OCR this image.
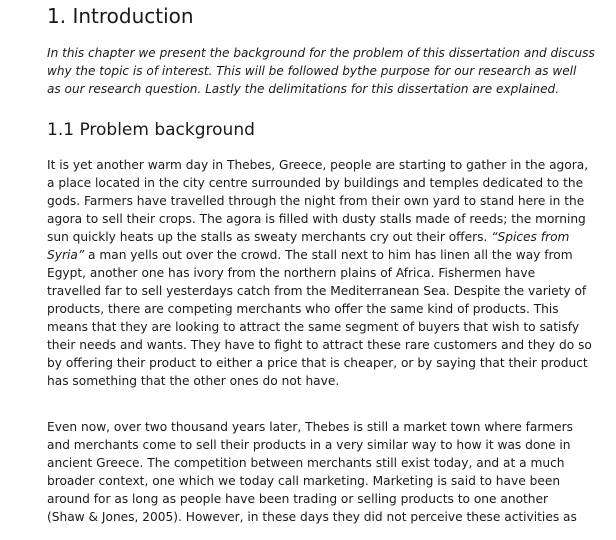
1. Introduction

In this chapter we present the background for the problem of this dissertation and discuss
why the topic is of interest. This will be followed bythe purpose for our research as well
as our research question. Lastly the delimitations for this dissertation are explained.

1.1 Problem background

It is yet another warm day in Thebes, Greece, people are starting to gather in the agora,
a place located in the city centre surrounded by buildings and temples dedicated to the
gods. Farmers have travelled through the night from their own yard to stand here in the
agora to sell their crops. The agora is filled with dusty stalls made of reeds; the morning
sun quickly heats up the stalls as sweaty merchants cry out their offers. “Spices from
Syria” a man yells out over the crowd. The stall next to him has linen all the way from
Egypt, another one has ivory from the northern plains of Africa. Fishermen have
travelled far to sell yesterdays catch from the Mediterranean Sea. Despite the variety of
products, there are competing merchants who offer the same kind of products. This
means that they are looking to attract the same segment of buyers that wish to satisfy
their needs and wants. They have to fight to attract these rare customers and they do so
by offering their product to either a price that is cheaper, or by saying that their product
has something that the other ones do not have.

Even now, over two thousand years later, Thebes is still a market town where farmers
and merchants come to sell their products in a very similar way to how it was done in
ancient Greece. The competition between merchants still exist today, and at a much
broader context, one which we today call marketing. Marketing is said to have been
around for as long as people have been trading or selling products to one another
(Shaw & Jones, 2005). However, in these days they did not perceive these activities as
